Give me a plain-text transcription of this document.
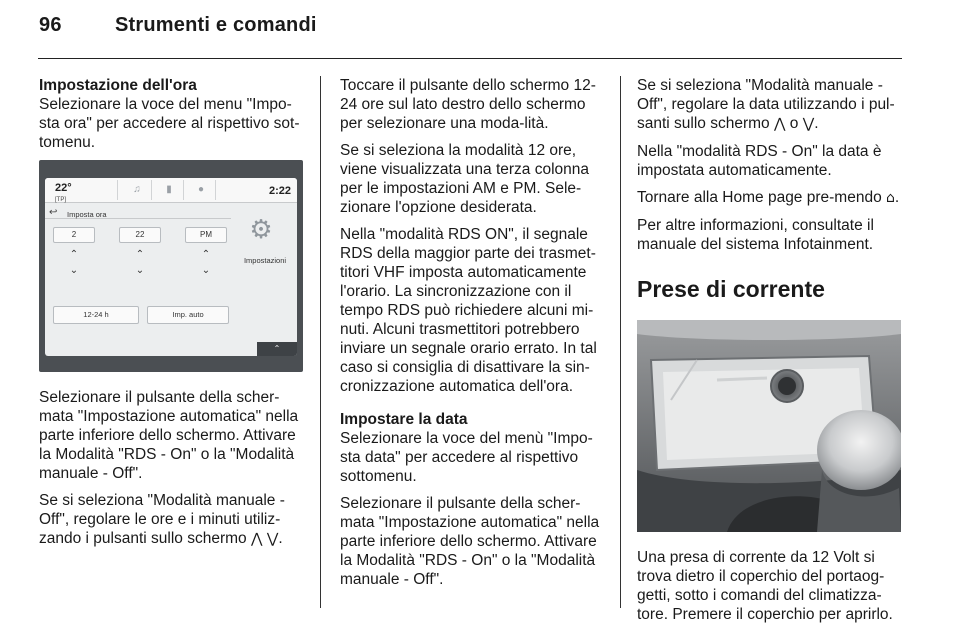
96	Strumenti e comandi

Impostazione dell'ora

Selezionare la voce del menu "Impo-sta ora" per accedere al rispettivo sot-tomenu.

22°
[TP]
♫	▮	●	2:22
↩ Imposta ora
2	22	PM
⌃
⌄
⌃
⌄
⌃
⌄
⚙
Impostazioni
12-24 h	Imp. auto
⌃

Selezionare il pulsante della scher-mata "Impostazione automatica" nella parte inferiore dello schermo. Attivare la Modalità "RDS - On" o la "Modalità manuale - Off".

Se si seleziona "Modalità manuale - Off", regolare le ore e i minuti utiliz-zando i pulsanti sullo schermo ⋀ ⋁.

Toccare il pulsante dello schermo 12-24 ore sul lato destro dello schermo per selezionare una moda-lità.

Se si seleziona la modalità 12 ore, viene visualizzata una terza colonna per le impostazioni AM e PM. Sele-zionare l'opzione desiderata.

Nella "modalità RDS ON", il segnale RDS della maggior parte dei trasmet-titori VHF imposta automaticamente l'orario. La sincronizzazione con il tempo RDS può richiedere alcuni mi-nuti. Alcuni trasmettitori potrebbero inviare un segnale orario errato. In tal caso si consiglia di disattivare la sin-cronizzazione automatica dell'ora.

Impostare la data

Selezionare la voce del menù "Impo-sta data" per accedere al rispettivo sottomenu.

Selezionare il pulsante della scher-mata "Impostazione automatica" nella parte inferiore dello schermo. Attivare la Modalità "RDS - On" o la "Modalità manuale - Off".

Se si seleziona "Modalità manuale - Off", regolare la data utilizzando i pul-santi sullo schermo ⋀ o ⋁.

Nella "modalità RDS - On" la data è impostata automaticamente.

Tornare alla Home page pre-mendo ⌂.

Per altre informazioni, consultate il manuale del sistema Infotainment.

Prese di corrente

Una presa di corrente da 12 Volt si trova dietro il coperchio del portaog-getti, sotto i comandi del climatizza-tore. Premere il coperchio per aprirlo.
